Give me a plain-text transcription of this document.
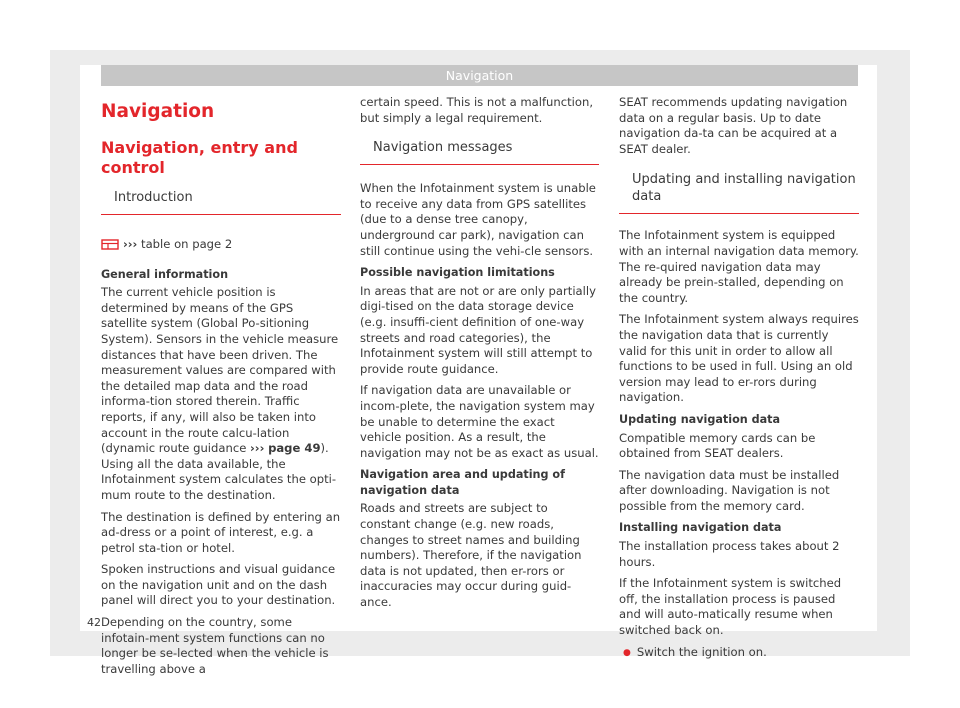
Navigation
Navigation
Navigation, entry and control
Introduction

›››
table on page 2

General information

The current vehicle position is determined by means of the GPS satellite system (Global Po-sitioning System). Sensors in the vehicle measure distances that have been driven. The measurement values are compared with the detailed map data and the road informa-tion stored therein. Traffic reports, if any, will also be taken into account in the route calcu-lation (dynamic route guidance ››› page 49). Using all the data available, the Infotainment system calculates the opti-mum route to the destination.

The destination is defined by entering an ad-dress or a point of interest, e.g. a petrol sta-tion or hotel.

Spoken instructions and visual guidance on the navigation unit and on the dash panel will direct you to your destination.

Depending on the country, some infotain-ment system functions can no longer be se-lected when the vehicle is travelling above a

certain speed. This is not a malfunction, but simply a legal requirement.

Navigation messages

When the Infotainment system is unable to receive any data from GPS satellites (due to a dense tree canopy, underground car park), navigation can still continue using the vehi-cle sensors.

Possible navigation limitations

In areas that are not or are only partially digi-tised on the data storage device (e.g. insuffi-cient definition of one-way streets and road categories), the Infotainment system will still attempt to provide route guidance.

If navigation data are unavailable or incom-plete, the navigation system may be unable to determine the exact vehicle position. As a result, the navigation may not be as exact as usual.

Navigation area and updating of navigation data

Roads and streets are subject to constant change (e.g. new roads, changes to street names and building numbers). Therefore, if the navigation data is not updated, then er-rors or inaccuracies may occur during guid-ance.

SEAT recommends updating navigation data on a regular basis. Up to date navigation da-ta can be acquired at a SEAT dealer.

Updating and installing navigation data

The Infotainment system is equipped with an internal navigation data memory. The re-quired navigation data may already be prein-stalled, depending on the country.

The Infotainment system always requires the navigation data that is currently valid for this unit in order to allow all functions to be used in full. Using an old version may lead to er-rors during navigation.

Updating navigation data

Compatible memory cards can be obtained from SEAT dealers.

The navigation data must be installed after downloading. Navigation is not possible from the memory card.

Installing navigation data

The installation process takes about 2 hours.

If the Infotainment system is switched off, the installation process is paused and will auto-matically resume when switched back on.

● Switch the ignition on.

42
